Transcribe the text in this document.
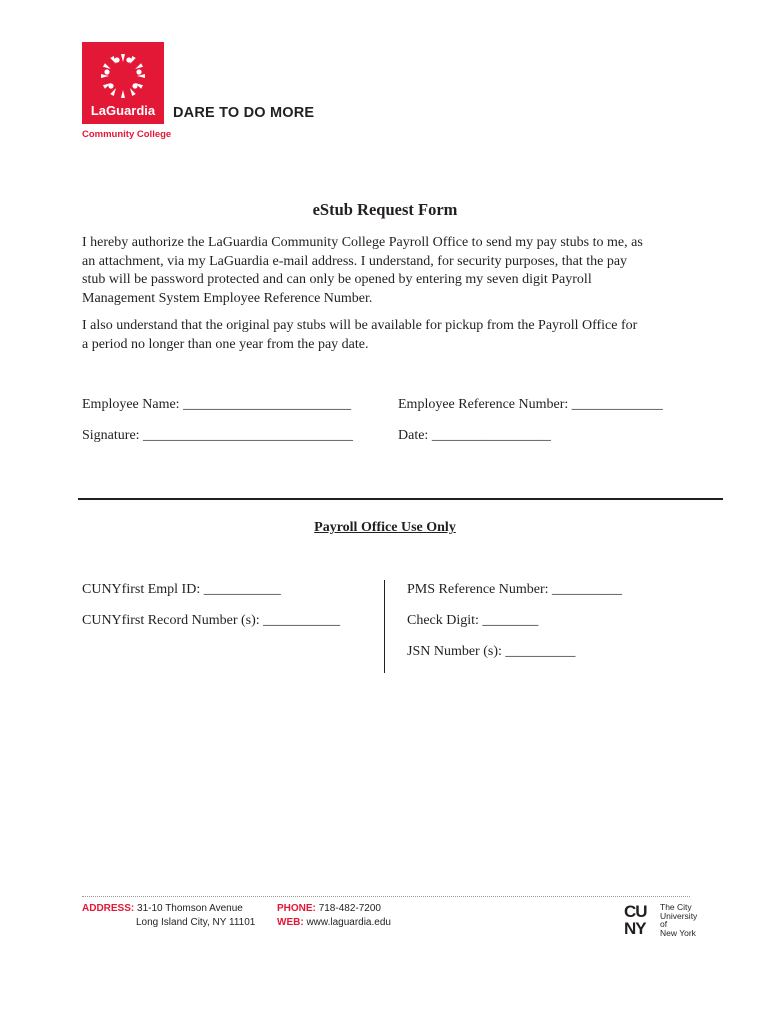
LaGuardia
Community College
DARE TO DO MORE
eStub Request Form
I hereby authorize the LaGuardia Community College Payroll Office to send my pay stubs to me, as
an attachment, via my LaGuardia e-mail address. I understand, for security purposes, that the pay
stub will be password protected and can only be opened by entering my seven digit Payroll
Management System Employee Reference Number.
I also understand that the original pay stubs will be available for pickup from the Payroll Office for
a period no longer than one year from the pay date.
Employee Name: ________________________	Employee Reference Number: _____________
Signature: ______________________________	Date: _________________
Payroll Office Use Only
CUNYfirst Empl ID: ___________
CUNYfirst Record Number (s): ___________
PMS Reference Number: __________
Check Digit: ________
JSN Number (s): __________
ADDRESS: 31-10 Thomson Avenue
Long Island City, NY 11101
PHONE: 718-482-7200
WEB: www.laguardia.edu
CU
NY
The City
University
of
New York
